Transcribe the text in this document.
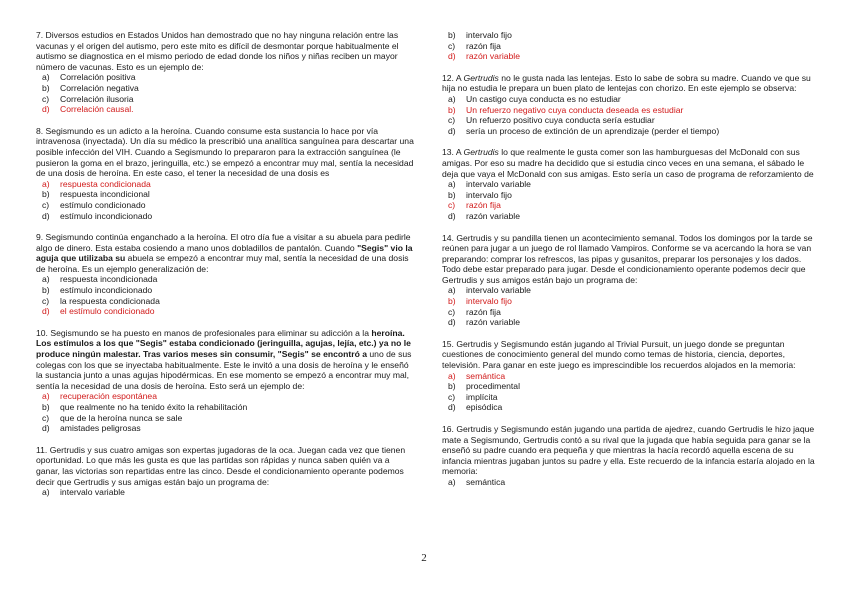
7. Diversos estudios en Estados Unidos han demostrado que no hay ninguna relación entre las vacunas y el origen del autismo, pero este mito es difícil de desmontar porque habitualmente el autismo se diagnostica en el mismo periodo de edad donde los niños y niñas reciben un mayor número de vacunas. Esto es un ejemplo de:

a)	Correlación positiva
b)	Correlación negativa
c)	Correlación ilusoria
d)	Correlación causal.

8. Segismundo es un adicto a la heroína. Cuando consume esta sustancia lo hace por vía intravenosa (inyectada). Un día su médico la prescribió una analítica sanguínea para descartar una posible infección del VIH. Cuando a Segismundo lo prepararon para la extracción sanguínea (le pusieron la goma en el brazo, jeringuilla, etc.) se empezó a encontrar muy mal, sentía la necesidad de una dosis de heroína. En este caso, el tener la necesidad de una dosis es

a)	respuesta condicionada
b)	respuesta incondicional
c)	estímulo condicionado
d)	estímulo incondicionado

9. Segismundo continúa enganchado a la heroína. El otro día fue a visitar a su abuela para pedirle algo de dinero. Esta estaba cosiendo a mano unos dobladillos de pantalón. Cuando "Segis" vio la aguja que utilizaba su abuela se empezó a encontrar muy mal, sentía la necesidad de una dosis de heroína. Es un ejemplo generalización de:

a)	respuesta incondicionada
b)	estímulo incondicionado
c)	la respuesta condicionada
d)	el estímulo condicionado

10. Segismundo se ha puesto en manos de profesionales para eliminar su adicción a la heroína. Los estímulos a los que "Segis" estaba condicionado (jeringuilla, agujas, lejía, etc.) ya no le produce ningún malestar. Tras varios meses sin consumir, "Segis" se encontró a uno de sus colegas con los que se inyectaba habitualmente. Este le invitó a una dosis de heroína y le enseñó la sustancia junto a unas agujas hipodérmicas. En ese momento se empezó a encontrar muy mal, sentía la necesidad de una dosis de heroína. Esto será un ejemplo de:

a)	recuperación espontánea
b)	que realmente no ha tenido éxito la rehabilitación
c)	que de la heroína nunca se sale
d)	amistades peligrosas

11. Gertrudis y sus cuatro amigas son expertas jugadoras de la oca. Juegan cada vez que tienen oportunidad. Lo que más les gusta es que las partidas son rápidas y nunca saben quién va a ganar, las victorias son repartidas entre las cinco. Desde el condicionamiento operante podemos decir que Gertrudis y sus amigas están bajo un programa de:

a)	intervalo variable
b)	intervalo fijo
c)	razón fija
d)	razón variable

12. A Gertrudis no le gusta nada las lentejas. Esto lo sabe de sobra su madre. Cuando ve que su hija no estudia le prepara un buen plato de lentejas con chorizo. En este ejemplo se observa:

a)	Un castigo cuya conducta es no estudiar
b)	Un refuerzo negativo cuya conducta deseada es estudiar
c)	Un refuerzo positivo cuya conducta sería estudiar
d)	sería un proceso de extinción de un aprendizaje (perder el tiempo)

13. A Gertrudis lo que realmente le gusta comer son las hamburguesas del McDonald con sus amigas. Por eso su madre ha decidido que si estudia cinco veces en una semana, el sábado le deja que vaya el McDonald con sus amigas. Esto sería un caso de programa de reforzamiento de

a)	intervalo variable
b)	intervalo fijo
c)	razón fija
d)	razón variable

14. Gertrudis y su pandilla tienen un acontecimiento semanal. Todos los domingos por la tarde se reúnen para jugar a un juego de rol llamado Vampiros. Conforme se va acercando la hora se van preparando: comprar los refrescos, las pipas y gusanitos, preparar los personajes y los dados. Todo debe estar preparado para jugar. Desde el condicionamiento operante podemos decir que Gertrudis y sus amigos están bajo un programa de:

a)	intervalo variable
b)	intervalo fijo
c)	razón fija
d)	razón variable

15. Gertrudis y Segismundo están jugando al Trivial Pursuit, un juego donde se preguntan cuestiones de conocimiento general del mundo como temas de historia, ciencia, deportes, televisión. Para ganar en este juego es imprescindible los recuerdos alojados en la memoria:

a)	semántica
b)	procedimental
c)	implícita
d)	episódica

16. Gertrudis y Segismundo están jugando una partida de ajedrez, cuando Gertrudis le hizo jaque mate a Segismundo, Gertrudis contó a su rival que la jugada que había seguida para ganar se la enseñó su padre cuando era pequeña y que mientras la hacía recordó aquella escena de su infancia mientras jugaban juntos su padre y ella. Este recuerdo de la infancia estaría alojado en la memoria:

a)	semántica
2
